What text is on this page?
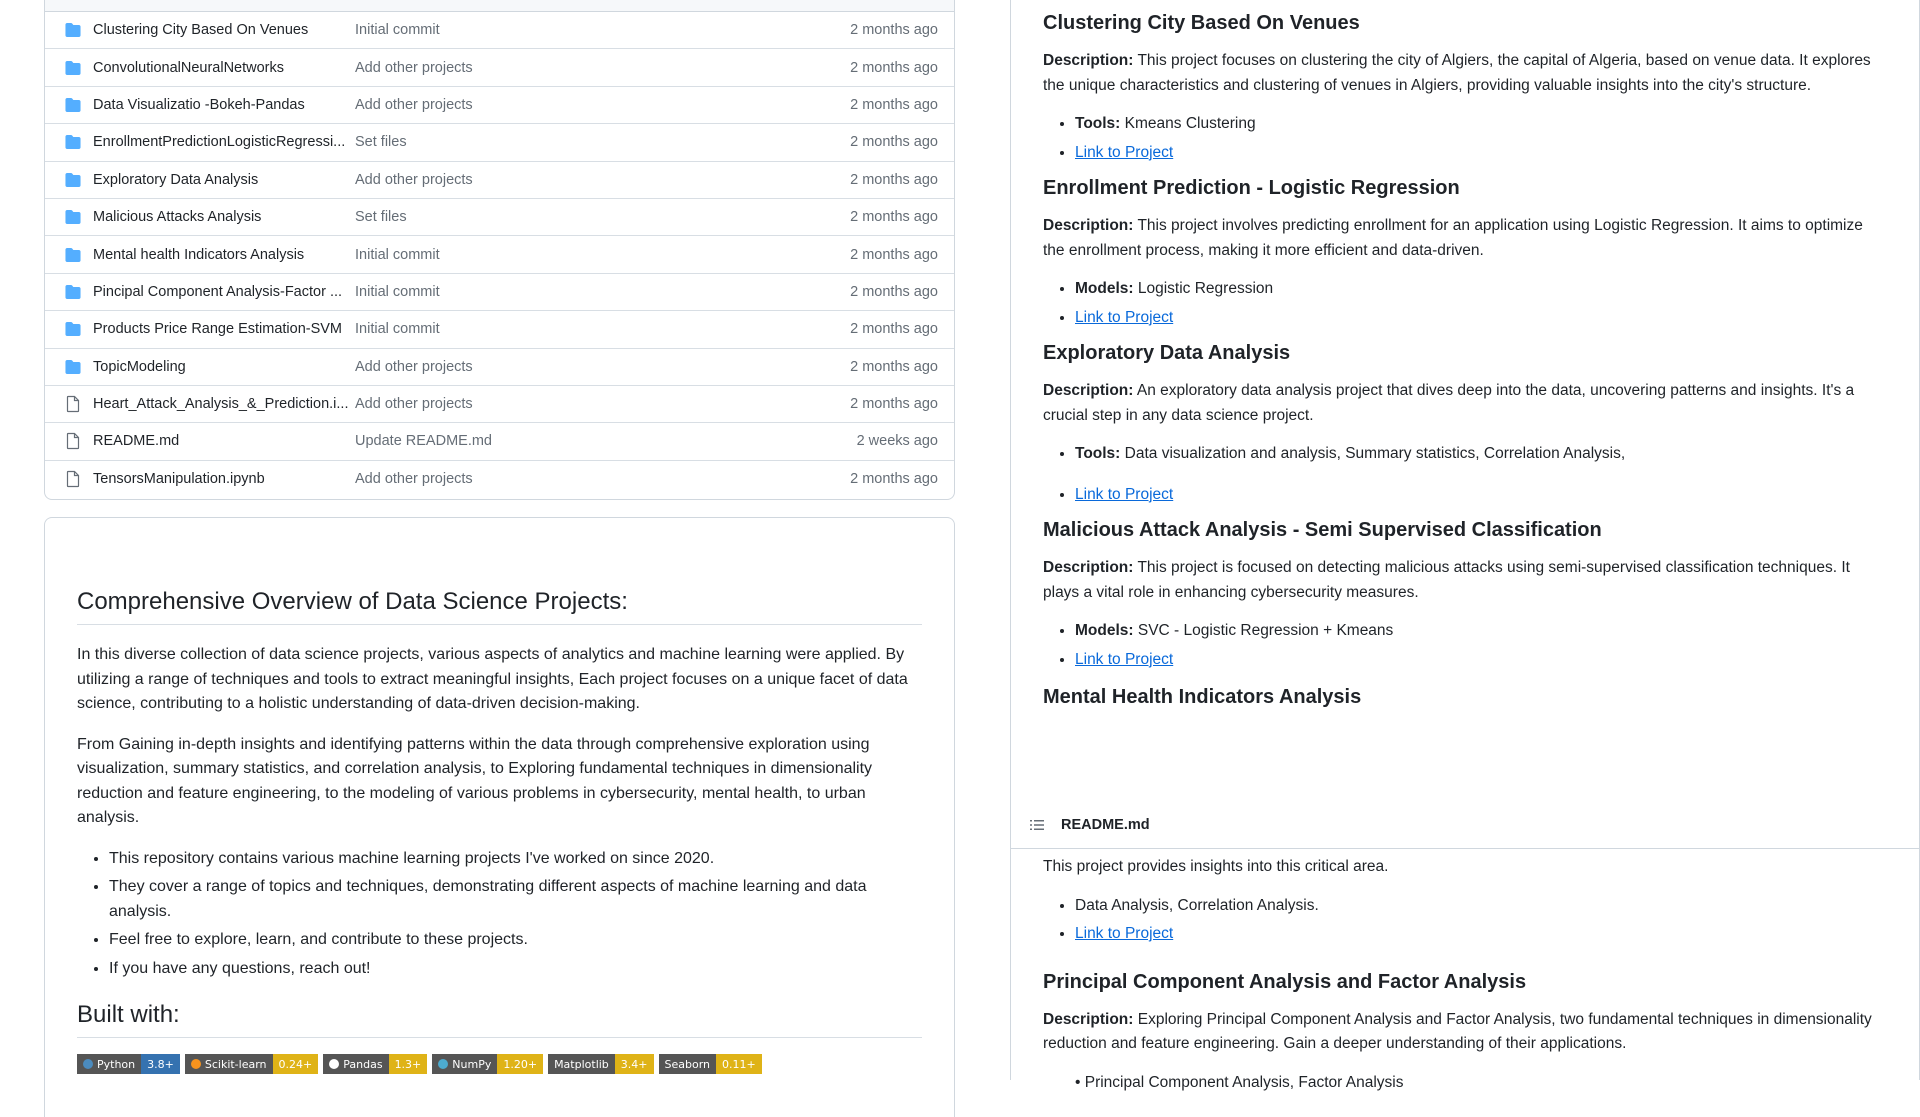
Clustering City Based On Venues	Initial commit	2 months ago
ConvolutionalNeuralNetworks	Add other projects	2 months ago
Data Visualizatio -Bokeh-Pandas	Add other projects	2 months ago
EnrollmentPredictionLogisticRegressi... Set files	2 months ago
Exploratory Data Analysis	Add other projects	2 months ago
Malicious Attacks Analysis	Set files	2 months ago
Mental health Indicators Analysis	Initial commit	2 months ago
Pincipal Component Analysis-Factor ... Initial commit	2 months ago
Products Price Range Estimation-SVM Initial commit	2 months ago
TopicModeling	Add other projects	2 months ago
Heart_Attack_Analysis_&_Prediction.i... Add other projects	2 months ago
README.md	Update README.md	2 weeks ago
TensorsManipulation.ipynb	Add other projects	2 months ago
Comprehensive Overview of Data Science Projects:

In this diverse collection of data science projects, various aspects of analytics and machine learning were applied. By utilizing a range of techniques and tools to extract meaningful insights, Each project focuses on a unique facet of data science, contributing to a holistic understanding of data-driven decision-making.

From Gaining in-depth insights and identifying patterns within the data through comprehensive exploration using visualization, summary statistics, and correlation analysis, to Exploring fundamental techniques in dimensionality reduction and feature engineering, to the modeling of various problems in cybersecurity, mental health, to urban analysis.

• This repository contains various machine learning projects I've worked on since 2020.
• They cover a range of topics and techniques, demonstrating different aspects of machine learning and data analysis.
• Feel free to explore, learn, and contribute to these projects.
• If you have any questions, reach out!
Built with:
Python	3.8+	Scikit-learn	0.24+	Pandas	1.3+	NumPy	1.20+	Matplotlib	3.4+	Seaborn	0.11+
Clustering City Based On Venues

Description: This project focuses on clustering the city of Algiers, the capital of Algeria, based on venue data. It explores the unique characteristics and clustering of venues in Algiers, providing valuable insights into the city's structure.

• Tools: Kmeans Clustering
• Link to Project
Enrollment Prediction - Logistic Regression

Description: This project involves predicting enrollment for an application using Logistic Regression. It aims to optimize the enrollment process, making it more efficient and data-driven.

• Models: Logistic Regression
• Link to Project
Exploratory Data Analysis

Description: An exploratory data analysis project that dives deep into the data, uncovering patterns and insights. It's a crucial step in any data science project.

• Tools: Data visualization and analysis, Summary statistics, Correlation Analysis,
• Link to Project
Malicious Attack Analysis - Semi Supervised Classification

Description: This project is focused on detecting malicious attacks using semi-supervised classification techniques. It plays a vital role in enhancing cybersecurity measures.

• Models: SVC - Logistic Regression + Kmeans
• Link to Project
Mental Health Indicators Analysis
README.md

This project provides insights into this critical area.

• Data Analysis, Correlation Analysis.
• Link to Project
Principal Component Analysis and Factor Analysis

Description: Exploring Principal Component Analysis and Factor Analysis, two fundamental techniques in dimensionality reduction and feature engineering. Gain a deeper understanding of their applications.

• Principal Component Analysis, Factor Analysis
